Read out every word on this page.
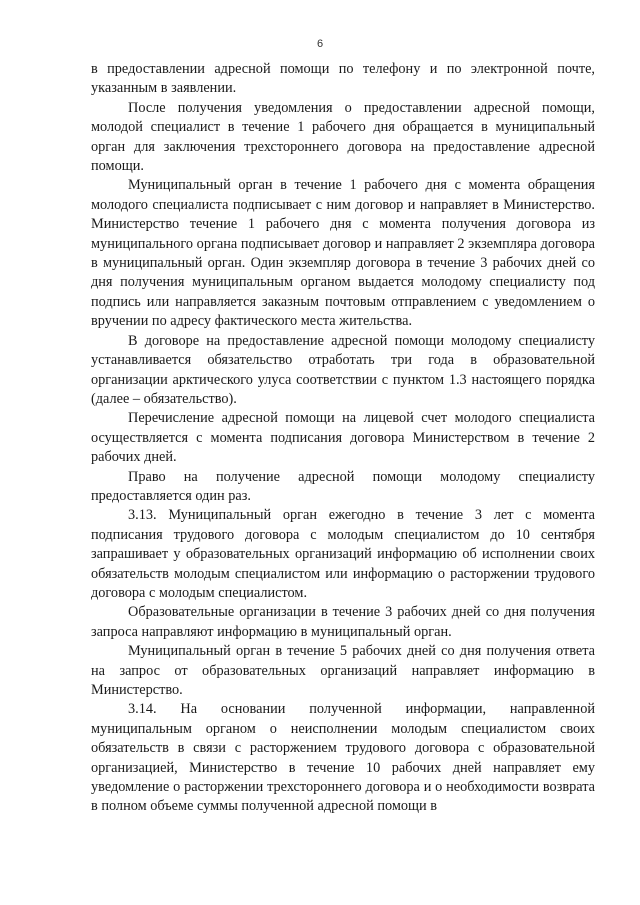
6

в предоставлении адресной помощи по телефону и по электронной почте, указанным в заявлении.

После получения уведомления о предоставлении адресной помощи, молодой специалист в течение 1 рабочего дня обращается в муниципальный орган для заключения трехстороннего договора на предоставление адресной помощи.

Муниципальный орган в течение 1 рабочего дня с момента обращения молодого специалиста подписывает с ним договор и направляет в Министерство. Министерство течение 1 рабочего дня с момента получения договора из муниципального органа подписывает договор и направляет 2 экземпляра договора в муниципальный орган. Один экземпляр договора в течение 3 рабочих дней со дня получения муниципальным органом выдается молодому специалисту под подпись или направляется заказным почтовым отправлением с уведомлением о вручении по адресу фактического места жительства.

В договоре на предоставление адресной помощи молодому специалисту устанавливается обязательство отработать три года в образовательной организации арктического улуса соответствии с пунктом 1.3 настоящего порядка (далее – обязательство).

Перечисление адресной помощи на лицевой счет молодого специалиста осуществляется с момента подписания договора Министерством в течение 2 рабочих дней.

Право на получение адресной помощи молодому специалисту предоставляется один раз.

3.13. Муниципальный орган ежегодно в течение 3 лет с момента подписания трудового договора с молодым специалистом до 10 сентября запрашивает у образовательных организаций информацию об исполнении своих обязательств молодым специалистом или информацию о расторжении трудового договора с молодым специалистом.

Образовательные организации в течение 3 рабочих дней со дня получения запроса направляют информацию в муниципальный орган.

Муниципальный орган в течение 5 рабочих дней со дня получения ответа на запрос от образовательных организаций направляет информацию в Министерство.

3.14. На основании полученной информации, направленной муниципальным органом о неисполнении молодым специалистом своих обязательств в связи с расторжением трудового договора с образовательной организацией, Министерство в течение 10 рабочих дней направляет ему уведомление о расторжении трехстороннего договора и о необходимости возврата в полном объеме суммы полученной адресной помощи в
